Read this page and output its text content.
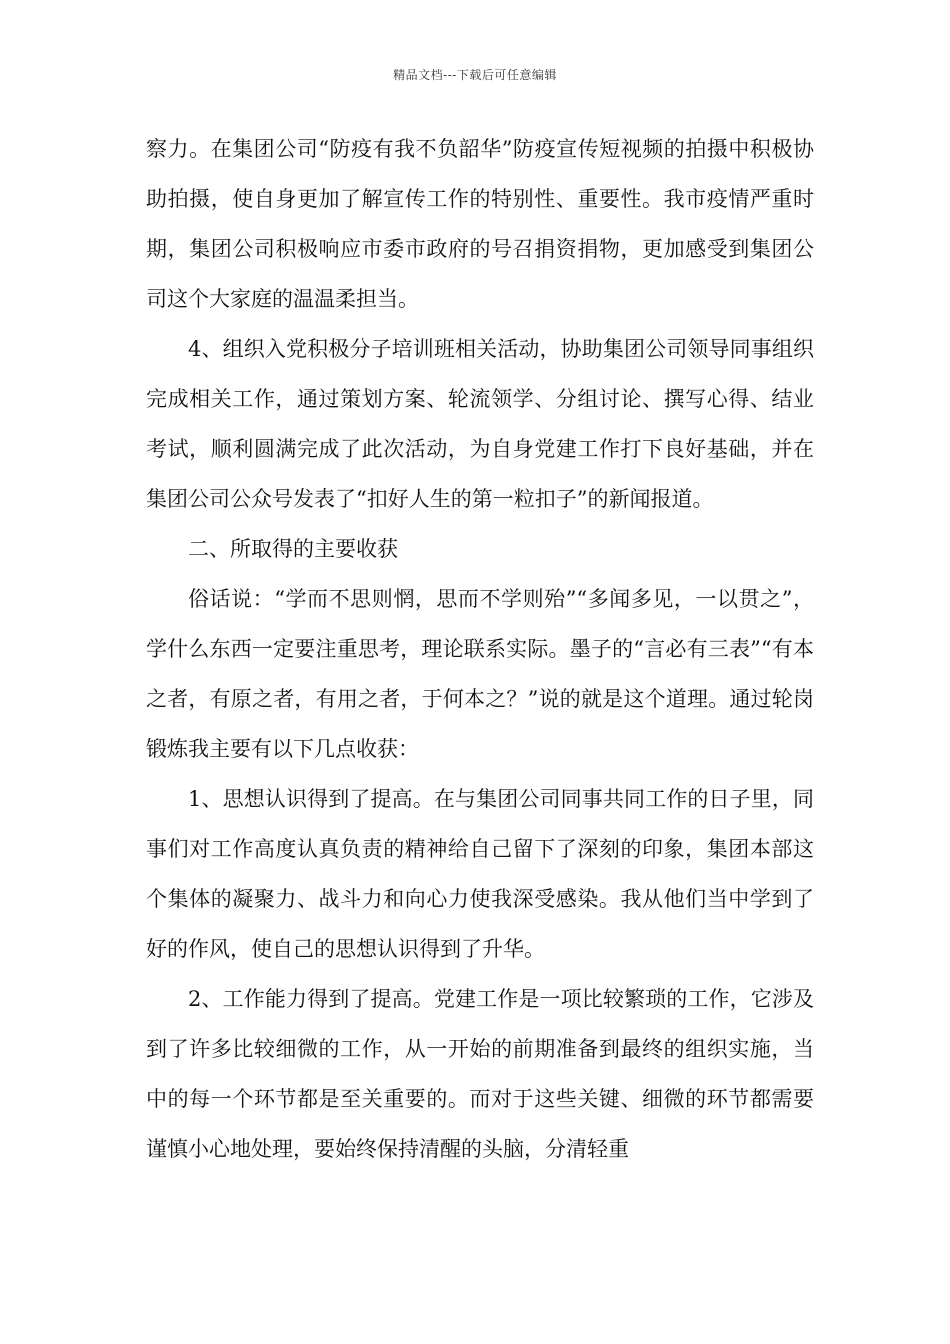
精品文档---下载后可任意编辑

察力。在集团公司“防疫有我不负韶华”防疫宣传短视频的拍摄中积极协助拍摄，使自身更加了解宣传工作的特别性、重要性。我市疫情严重时期，集团公司积极响应市委市政府的号召捐资捐物，更加感受到集团公司这个大家庭的温温柔担当。

4、组织入党积极分子培训班相关活动，协助集团公司领导同事组织完成相关工作，通过策划方案、轮流领学、分组讨论、撰写心得、结业考试，顺利圆满完成了此次活动，为自身党建工作打下良好基础，并在集团公司公众号发表了“扣好人生的第一粒扣子”的新闻报道。

二、所取得的主要收获

俗话说：“学而不思则惘，思而不学则殆”“多闻多见，一以贯之”，学什么东西一定要注重思考，理论联系实际。墨子的“言必有三表”“有本之者，有原之者，有用之者，于何本之？”说的就是这个道理。通过轮岗锻炼我主要有以下几点收获：

1、思想认识得到了提高。在与集团公司同事共同工作的日子里，同事们对工作高度认真负责的精神给自己留下了深刻的印象，集团本部这个集体的凝聚力、战斗力和向心力使我深受感染。我从他们当中学到了好的作风，使自己的思想认识得到了升华。

2、工作能力得到了提高。党建工作是一项比较繁琐的工作，它涉及到了许多比较细微的工作，从一开始的前期准备到最终的组织实施，当中的每一个环节都是至关重要的。而对于这些关键、细微的环节都需要谨慎小心地处理，要始终保持清醒的头脑，分清轻重
